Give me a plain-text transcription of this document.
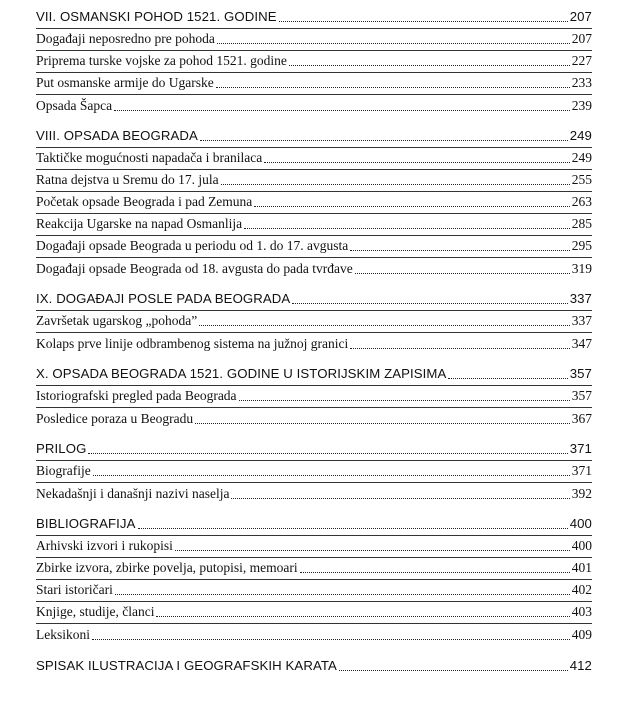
VII. OSMANSKI POHOD 1521. GODINE	207
Događaji neposredno pre pohoda	207
Priprema turske vojske za pohod 1521. godine	227
Put osmanske armije do Ugarske	233
Opsada Šapca	239
VIII. OPSADA BEOGRADA	249
Taktičke mogućnosti napadača i branilaca	249
Ratna dejstva u Sremu do 17. jula	255
Početak opsade Beograda i pad Zemuna	263
Reakcija Ugarske na napad Osmanlija	285
Događaji opsade Beograda u periodu od 1. do 17. avgusta	295
Događaji opsade Beograda od 18. avgusta do pada tvrđave	319
IX. DOGAĐAJI POSLE PADA BEOGRADA	337
Završetak ugarskog „pohoda”	337
Kolaps prve linije odbrambenog sistema na južnoj granici	347
X. OPSADA BEOGRADA 1521. GODINE U ISTORIJSKIM ZAPISIMA	357
Istoriografski pregled pada Beograda	357
Posledice poraza u Beogradu	367
PRILOG	371
Biografije	371
Nekadašnji i današnji nazivi naselja	392
BIBLIOGRAFIJA	400
Arhivski izvori i rukopisi	400
Zbirke izvora, zbirke povelja, putopisi, memoari	401
Stari istoričari	402
Knjige, studije, članci	403
Leksikoni	409
SPISAK ILUSTRACIJA I GEOGRAFSKIH KARATA	412
